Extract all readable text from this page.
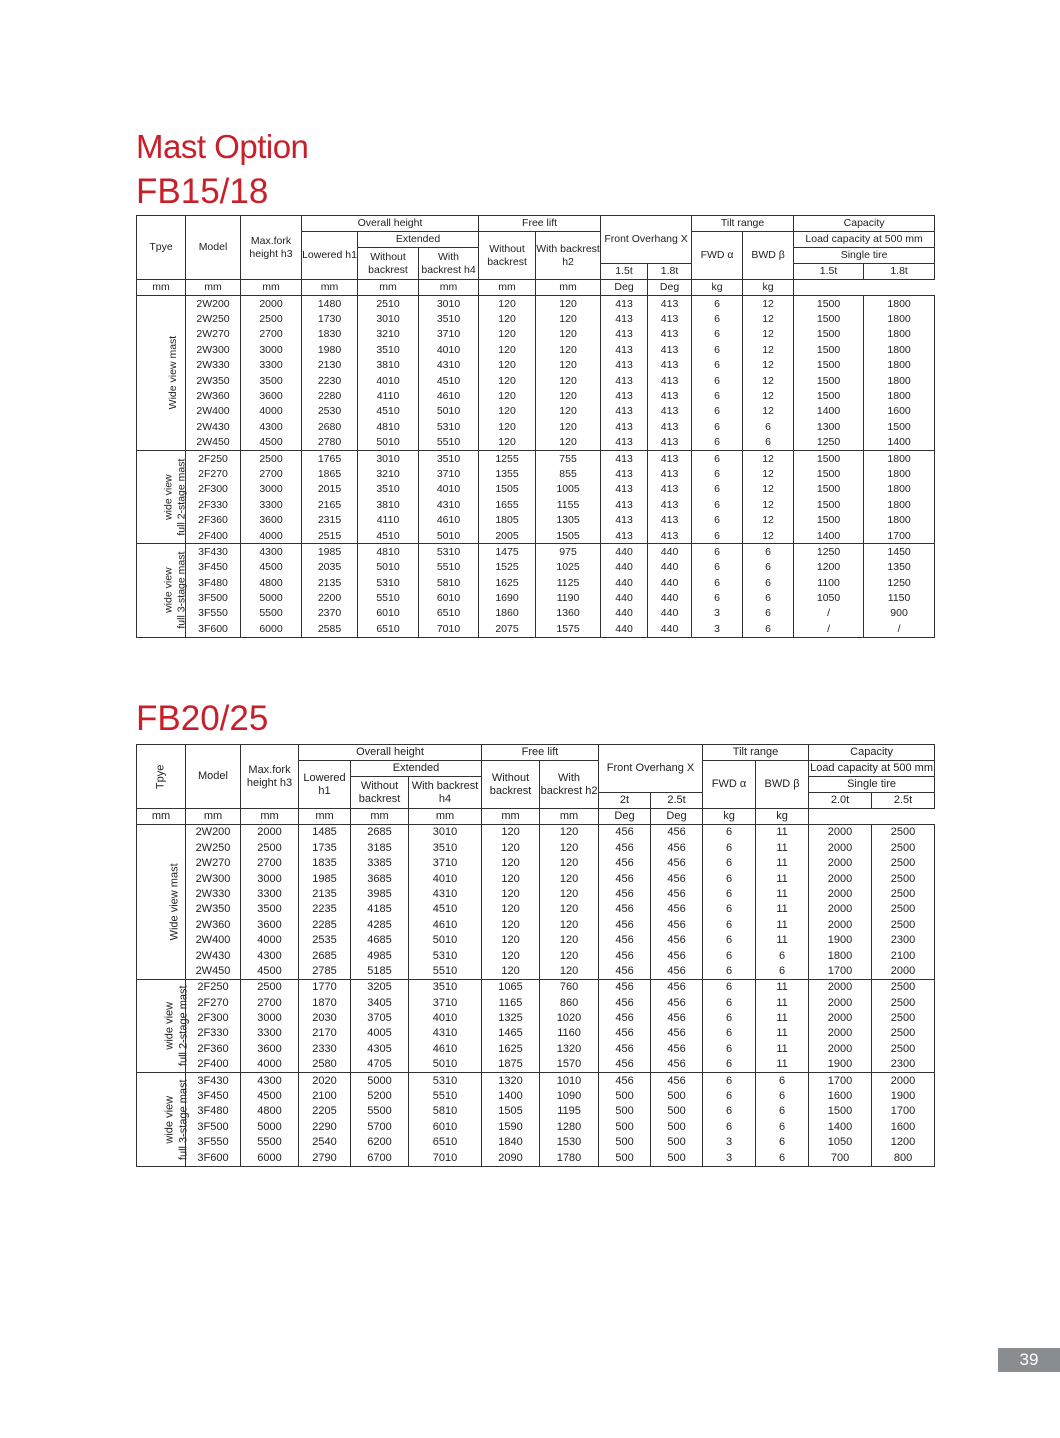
Mast Option
FB15/18
Tpye	Model	Max.fork height h3	Overall height			Free lift		Front Overhang X		Tilt range		Capacity	
			Lowered h1	Extended		Without backrest	With backrest h2			FWD α	BWD β	Load capacity at 500 mm	
				Without backrest	With backrest h4							Single tire	
								1.5t	1.8t			1.5t	1.8t
mm	mm	mm	mm	mm	mm	mm	mm	Deg	Deg	kg	kg		
Wide view mast	2W200	2000	1480	2510	3010	120	120	413	413	6	12	1500	1800
	2W250	2500	1730	3010	3510	120	120	413	413	6	12	1500	1800
	2W270	2700	1830	3210	3710	120	120	413	413	6	12	1500	1800
	2W300	3000	1980	3510	4010	120	120	413	413	6	12	1500	1800
	2W330	3300	2130	3810	4310	120	120	413	413	6	12	1500	1800
	2W350	3500	2230	4010	4510	120	120	413	413	6	12	1500	1800
	2W360	3600	2280	4110	4610	120	120	413	413	6	12	1500	1800
	2W400	4000	2530	4510	5010	120	120	413	413	6	12	1400	1600
	2W430	4300	2680	4810	5310	120	120	413	413	6	6	1300	1500
	2W450	4500	2780	5010	5510	120	120	413	413	6	6	1250	1400
wide view
full 2-stage mast	2F250	2500	1765	3010	3510	1255	755	413	413	6	12	1500	1800
	2F270	2700	1865	3210	3710	1355	855	413	413	6	12	1500	1800
	2F300	3000	2015	3510	4010	1505	1005	413	413	6	12	1500	1800
	2F330	3300	2165	3810	4310	1655	1155	413	413	6	12	1500	1800
	2F360	3600	2315	4110	4610	1805	1305	413	413	6	12	1500	1800
	2F400	4000	2515	4510	5010	2005	1505	413	413	6	12	1400	1700
wide view
full 3-stage mast	3F430	4300	1985	4810	5310	1475	975	440	440	6	6	1250	1450
	3F450	4500	2035	5010	5510	1525	1025	440	440	6	6	1200	1350
	3F480	4800	2135	5310	5810	1625	1125	440	440	6	6	1100	1250
	3F500	5000	2200	5510	6010	1690	1190	440	440	6	6	1050	1150
	3F550	5500	2370	6010	6510	1860	1360	440	440	3	6	/	900
	3F600	6000	2585	6510	7010	2075	1575	440	440	3	6	/	/
FB20/25
Tpye	Model	Max.fork height h3	Overall height			Free lift		Front Overhang X		Tilt range		Capacity	
			Lowered h1	Extended		Without backrest	With backrest h2			FWD α	BWD β	Load capacity at 500 mm	
				Without backrest	With backrest h4							Single tire	
								2t	2.5t			2.0t	2.5t
mm	mm	mm	mm	mm	mm	mm	mm	Deg	Deg	kg	kg		
Wide view mast	2W200	2000	1485	2685	3010	120	120	456	456	6	11	2000	2500
	2W250	2500	1735	3185	3510	120	120	456	456	6	11	2000	2500
	2W270	2700	1835	3385	3710	120	120	456	456	6	11	2000	2500
	2W300	3000	1985	3685	4010	120	120	456	456	6	11	2000	2500
	2W330	3300	2135	3985	4310	120	120	456	456	6	11	2000	2500
	2W350	3500	2235	4185	4510	120	120	456	456	6	11	2000	2500
	2W360	3600	2285	4285	4610	120	120	456	456	6	11	2000	2500
	2W400	4000	2535	4685	5010	120	120	456	456	6	11	1900	2300
	2W430	4300	2685	4985	5310	120	120	456	456	6	6	1800	2100
	2W450	4500	2785	5185	5510	120	120	456	456	6	6	1700	2000
wide view full 2-stage mast	2F250	2500	1770	3205	3510	1065	760	456	456	6	11	2000	2500
	2F270	2700	1870	3405	3710	1165	860	456	456	6	11	2000	2500
	2F300	3000	2030	3705	4010	1325	1020	456	456	6	11	2000	2500
	2F330	3300	2170	4005	4310	1465	1160	456	456	6	11	2000	2500
	2F360	3600	2330	4305	4610	1625	1320	456	456	6	11	2000	2500
	2F400	4000	2580	4705	5010	1875	1570	456	456	6	11	1900	2300
wide view full 3-stage mast	3F430	4300	2020	5000	5310	1320	1010	456	456	6	6	1700	2000
	3F450	4500	2100	5200	5510	1400	1090	500	500	6	6	1600	1900
	3F480	4800	2205	5500	5810	1505	1195	500	500	6	6	1500	1700
	3F500	5000	2290	5700	6010	1590	1280	500	500	6	6	1400	1600
	3F550	5500	2540	6200	6510	1840	1530	500	500	3	6	1050	1200
	3F600	6000	2790	6700	7010	2090	1780	500	500	3	6	700	800
39
